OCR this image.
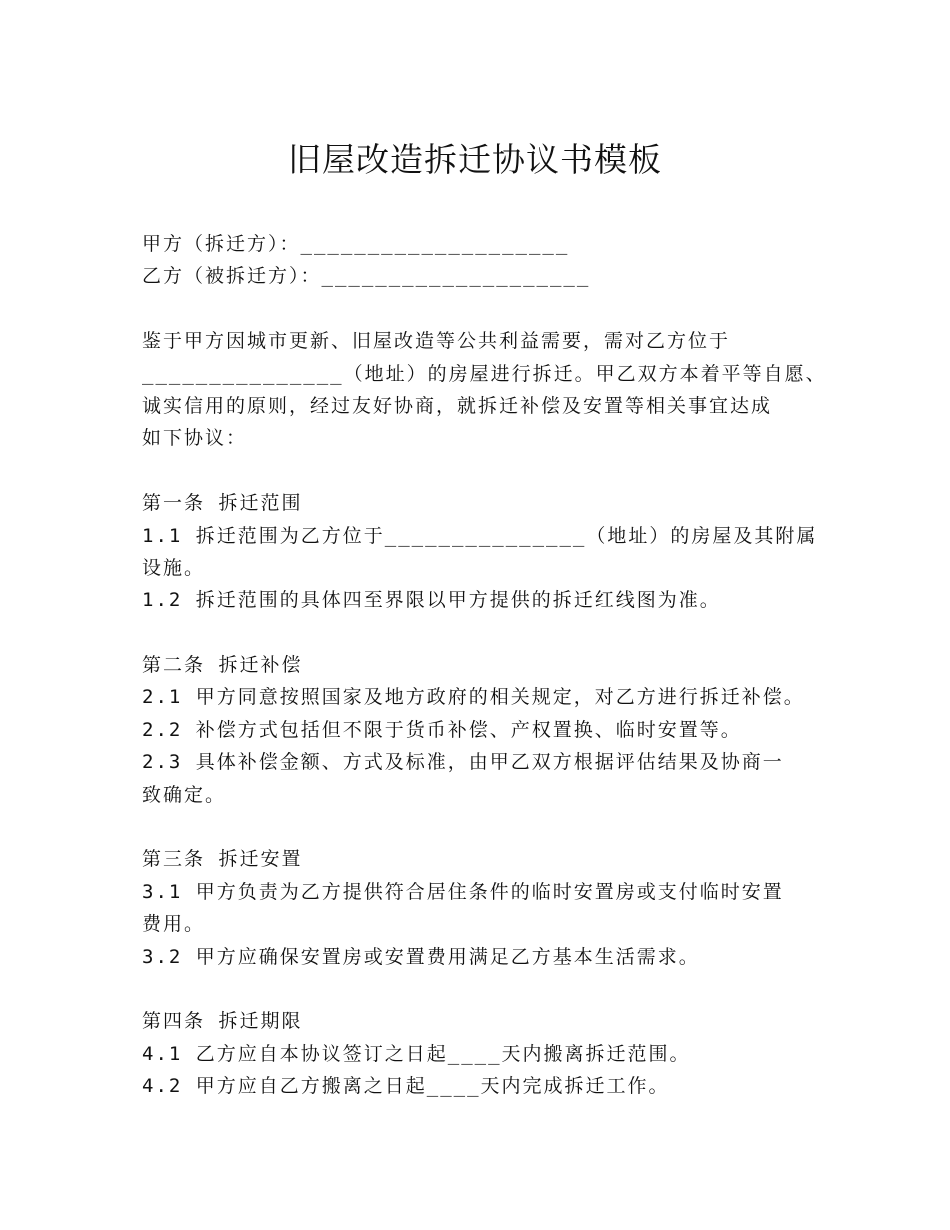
旧屋改造拆迁协议书模板
甲方（拆迁方）：____________________
乙方（被拆迁方）：____________________
鉴于甲方因城市更新、旧屋改造等公共利益需要，需对乙方位于
_______________（地址）的房屋进行拆迁。甲乙双方本着平等自愿、
诚实信用的原则，经过友好协商，就拆迁补偿及安置等相关事宜达成
如下协议：
第一条 拆迁范围
1.1 拆迁范围为乙方位于_______________（地址）的房屋及其附属
设施。
1.2 拆迁范围的具体四至界限以甲方提供的拆迁红线图为准。
第二条 拆迁补偿
2.1 甲方同意按照国家及地方政府的相关规定，对乙方进行拆迁补偿。
2.2 补偿方式包括但不限于货币补偿、产权置换、临时安置等。
2.3 具体补偿金额、方式及标准，由甲乙双方根据评估结果及协商一
致确定。
第三条 拆迁安置
3.1 甲方负责为乙方提供符合居住条件的临时安置房或支付临时安置
费用。
3.2 甲方应确保安置房或安置费用满足乙方基本生活需求。
第四条 拆迁期限
4.1 乙方应自本协议签订之日起____天内搬离拆迁范围。
4.2 甲方应自乙方搬离之日起____天内完成拆迁工作。
